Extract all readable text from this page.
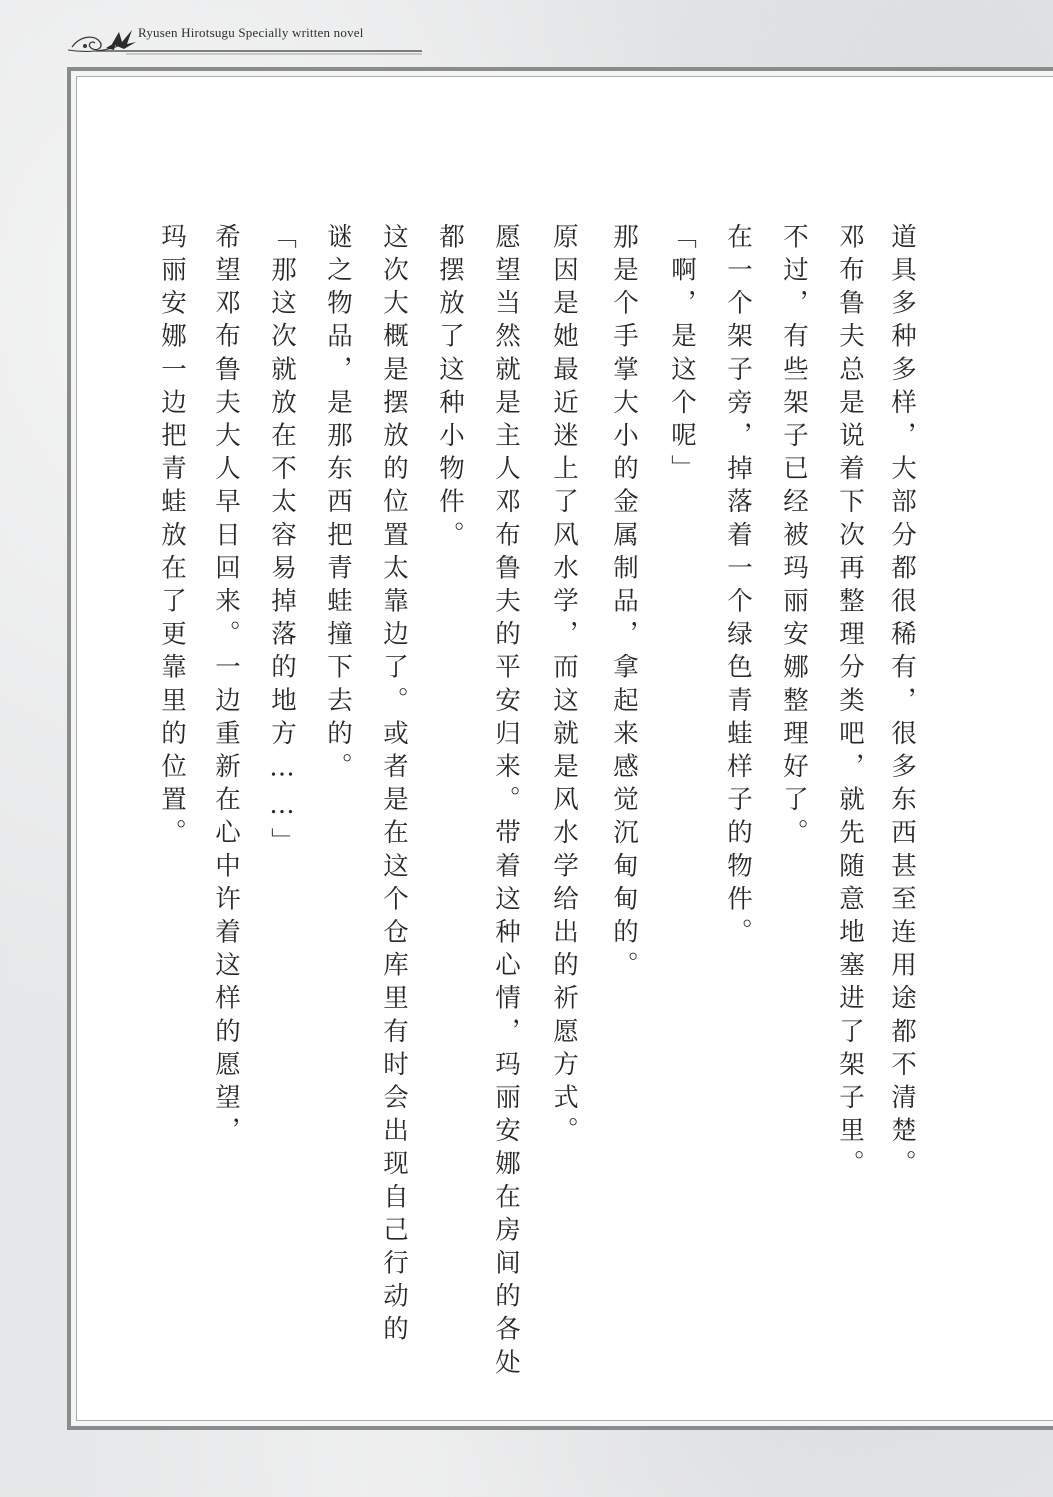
Ryusen Hirotsugu Specially written novel
道具多种多样，大部分都很稀有，很多东西甚至连用途都不清楚。
邓布鲁夫总是说着下次再整理分类吧，就先随意地塞进了架子里。
不过，有些架子已经被玛丽安娜整理好了。
在一个架子旁，掉落着一个绿色青蛙样子的物件。
「啊，是这个呢」
那是个手掌大小的金属制品，拿起来感觉沉甸甸的。
原因是她最近迷上了风水学，而这就是风水学给出的祈愿方式。
愿望当然就是主人邓布鲁夫的平安归来。带着这种心情，玛丽安娜在房间的各处
都摆放了这种小物件。
这次大概是摆放的位置太靠边了。或者是在这个仓库里有时会出现自己行动的
谜之物品，是那东西把青蛙撞下去的。
「那这次就放在不太容易掉落的地方……」
希望邓布鲁夫大人早日回来。一边重新在心中许着这样的愿望，
玛丽安娜一边把青蛙放在了更靠里的位置。
